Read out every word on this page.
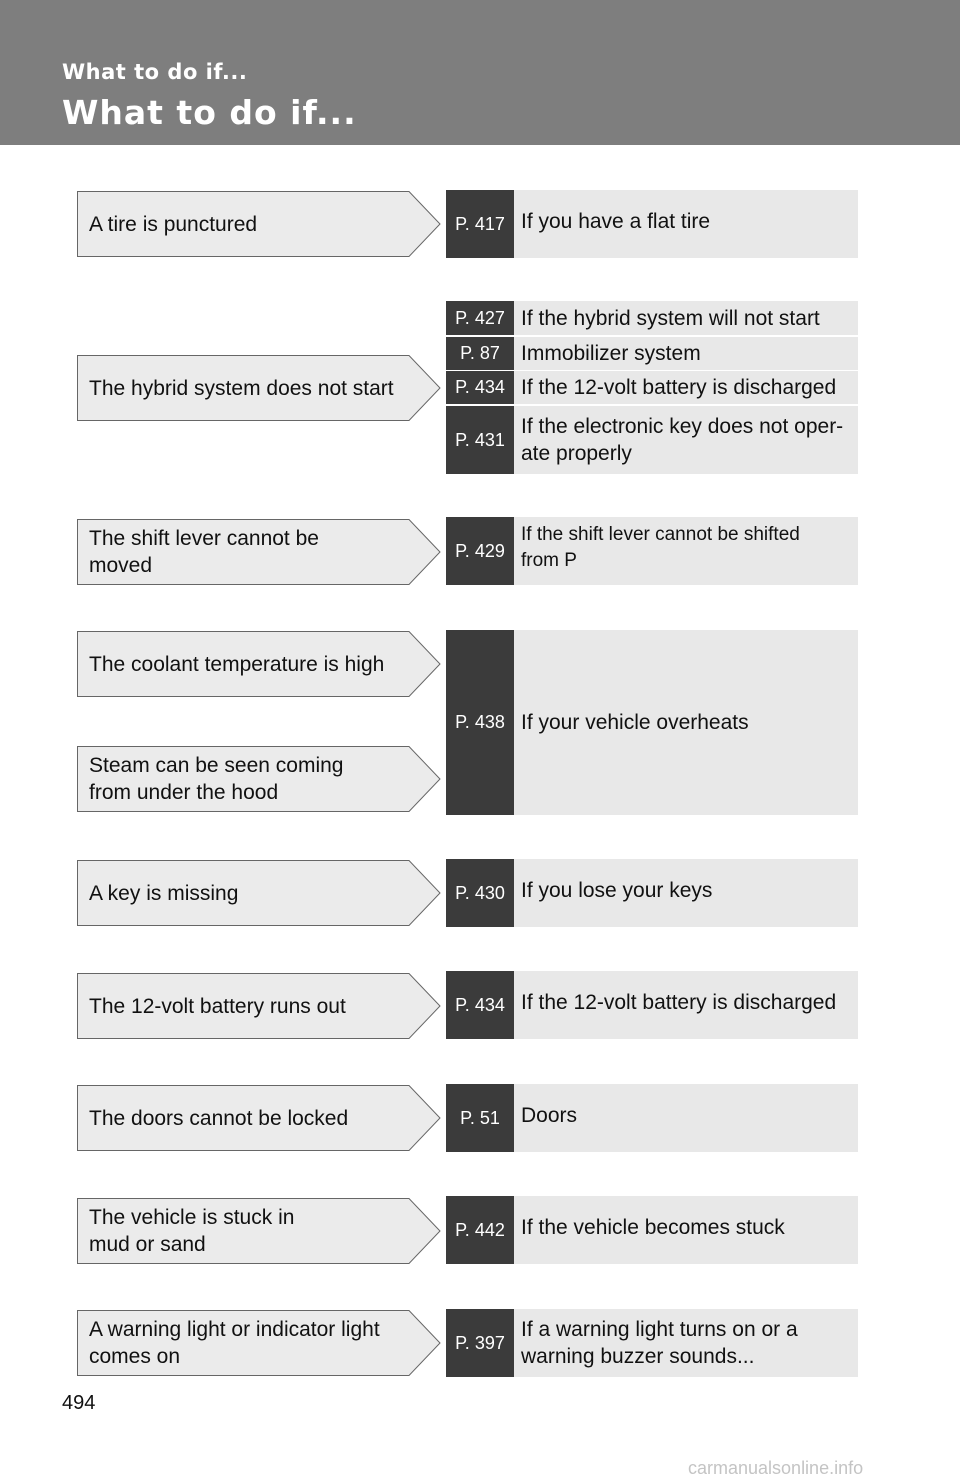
What to do if...
What to do if...
A tire is punctured
The hybrid system does not start
The shift lever cannot be
moved
The coolant temperature is high
Steam can be seen coming
from under the hood
A key is missing
The 12-volt battery runs out
The doors cannot be locked
The vehicle is stuck in
mud or sand
A warning light or indicator light
comes on
P. 417 If you have a flat tire
P. 427 If the hybrid system will not start
P. 87	Immobilizer system
P. 434 If the 12-volt battery is discharged
P. 431
If the electronic key does not oper-
ate properly
P. 429
If the shift lever cannot be shifted
from P
P. 438 If your vehicle overheats
P. 430 If you lose your keys
P. 434 If the 12-volt battery is discharged
P. 51	Doors
P. 442 If the vehicle becomes stuck
P. 397
If a warning light turns on or a
warning buzzer sounds...
494
carmanualsonline.info
